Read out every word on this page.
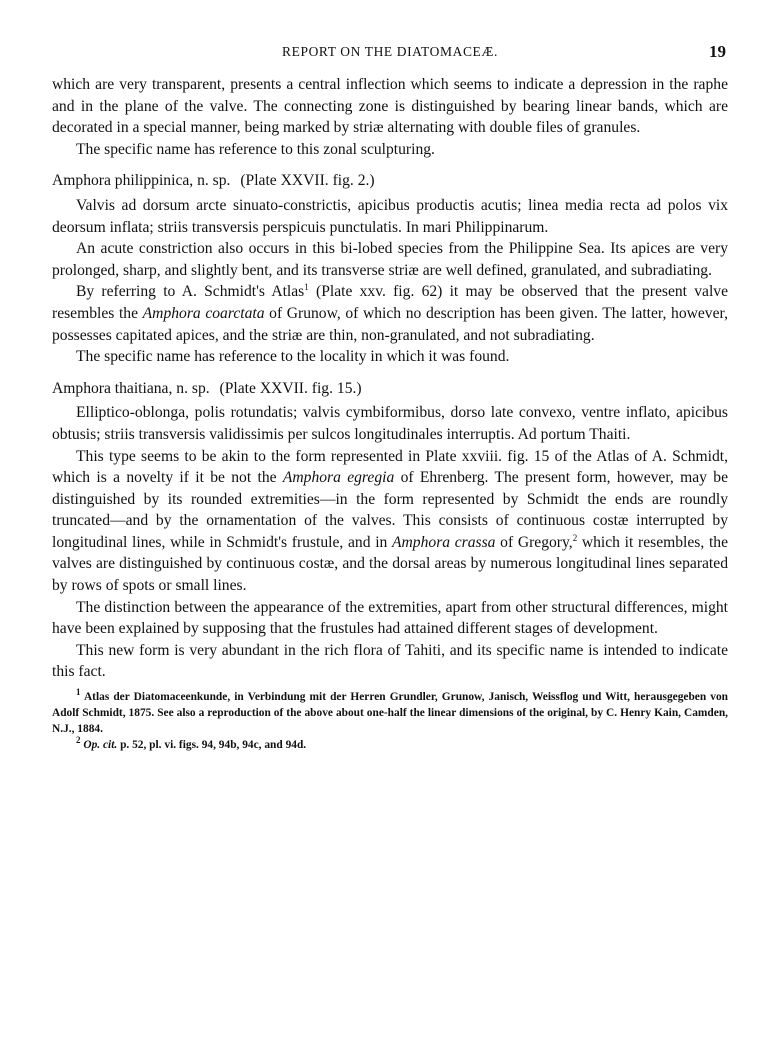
REPORT ON THE DIATOMACEÆ.	19

which are very transparent, presents a central inflection which seems to indicate a depression in the raphe and in the plane of the valve. The connecting zone is distinguished by bearing linear bands, which are decorated in a special manner, being marked by striæ alternating with double files of granules.

The specific name has reference to this zonal sculpturing.

Amphora philippinica, n. sp. (Plate XXVII. fig. 2.)

Valvis ad dorsum arcte sinuato-constrictis, apicibus productis acutis; linea media recta ad polos vix deorsum inflata; striis transversis perspicuis punctulatis. In mari Philippinarum.

An acute constriction also occurs in this bi-lobed species from the Philippine Sea. Its apices are very prolonged, sharp, and slightly bent, and its transverse striæ are well defined, granulated, and subradiating.

By referring to A. Schmidt's Atlas$^1$ (Plate xxv. fig. 62) it may be observed that the present valve resembles the Amphora coarctata of Grunow, of which no description has been given. The latter, however, possesses capitated apices, and the striæ are thin, non-granulated, and not subradiating.

The specific name has reference to the locality in which it was found.

Amphora thaitiana, n. sp. (Plate XXVII. fig. 15.)

Elliptico-oblonga, polis rotundatis; valvis cymbiformibus, dorso late convexo, ventre inflato, apicibus obtusis; striis transversis validissimis per sulcos longitudinales interruptis. Ad portum Thaiti.

This type seems to be akin to the form represented in Plate xxviii. fig. 15 of the Atlas of A. Schmidt, which is a novelty if it be not the Amphora egregia of Ehrenberg. The present form, however, may be distinguished by its rounded extremities—in the form represented by Schmidt the ends are roundly truncated—and by the ornamentation of the valves. This consists of continuous costæ interrupted by longitudinal lines, while in Schmidt's frustule, and in Amphora crassa of Gregory,$^2$ which it resembles, the valves are distinguished by continuous costæ, and the dorsal areas by numerous longitudinal lines separated by rows of spots or small lines.

The distinction between the appearance of the extremities, apart from other structural differences, might have been explained by supposing that the frustules had attained different stages of development.

This new form is very abundant in the rich flora of Tahiti, and its specific name is intended to indicate this fact.

$^1$ Atlas der Diatomaceenkunde, in Verbindung mit der Herren Grundler, Grunow, Janisch, Weissflog und Witt, herausgegeben von Adolf Schmidt, 1875. See also a reproduction of the above about one-half the linear dimensions of the original, by C. Henry Kain, Camden, N.J., 1884.

$^2$ Op. cit. p. 52, pl. vi. figs. 94, 94b, 94c, and 94d.
